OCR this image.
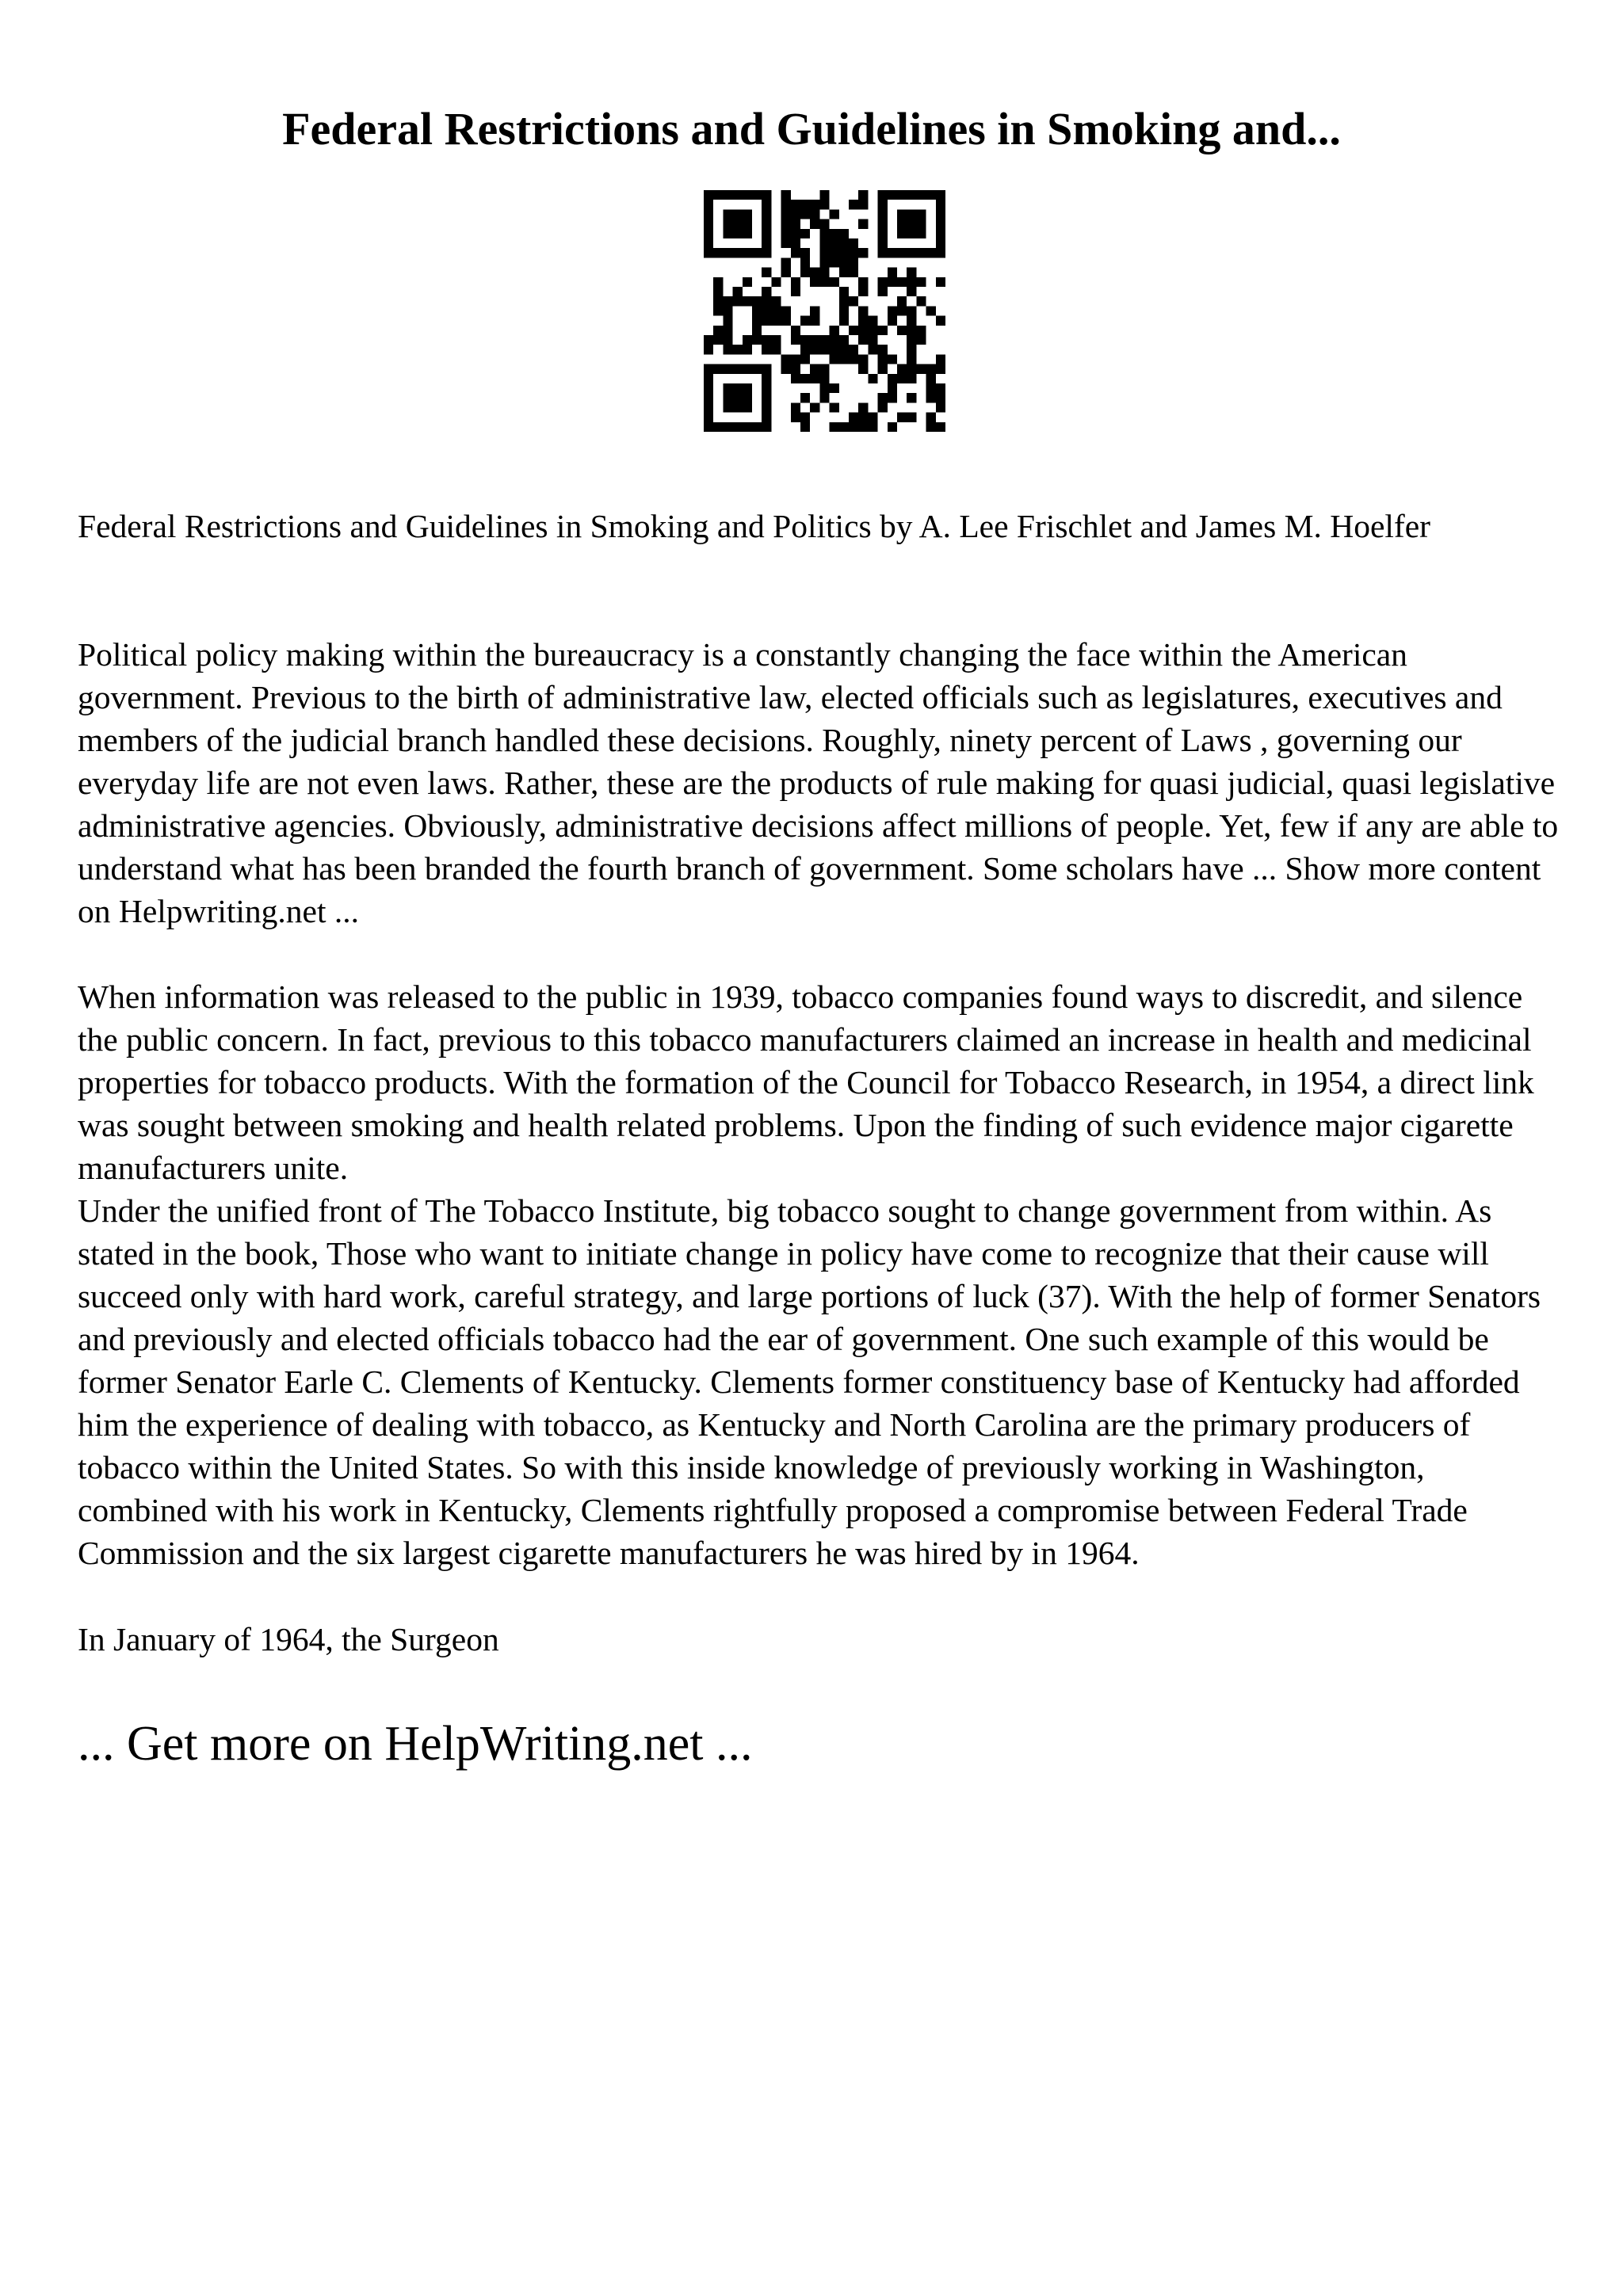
Federal Restrictions and Guidelines in Smoking and...

Federal Restrictions and Guidelines in Smoking and Politics by A. Lee Frischlet and James M. Hoelfer

Political policy making within the bureaucracy is a constantly changing the face within the American government. Previous to the birth of administrative law, elected officials such as legislatures, executives and members of the judicial branch handled these decisions. Roughly, ninety percent of Laws , governing our everyday life are not even laws. Rather, these are the products of rule making for quasi judicial, quasi legislative administrative agencies. Obviously, administrative decisions affect millions of people. Yet, few if any are able to understand what has been branded the fourth branch of government. Some scholars have ... Show more content on Helpwriting.net ...

When information was released to the public in 1939, tobacco companies found ways to discredit, and silence the public concern. In fact, previous to this tobacco manufacturers claimed an increase in health and medicinal properties for tobacco products. With the formation of the Council for Tobacco Research, in 1954, a direct link was sought between smoking and health related problems. Upon the finding of such evidence major cigarette manufacturers unite.

Under the unified front of The Tobacco Institute, big tobacco sought to change government from within. As stated in the book, Those who want to initiate change in policy have come to recognize that their cause will succeed only with hard work, careful strategy, and large portions of luck (37). With the help of former Senators and previously and elected officials tobacco had the ear of government. One such example of this would be former Senator Earle C. Clements of Kentucky. Clements former constituency base of Kentucky had afforded him the experience of dealing with tobacco, as Kentucky and North Carolina are the primary producers of tobacco within the United States. So with this inside knowledge of previously working in Washington, combined with his work in Kentucky, Clements rightfully proposed a compromise between Federal Trade Commission and the six largest cigarette manufacturers he was hired by in 1964.

In January of 1964, the Surgeon

... Get more on HelpWriting.net ...
